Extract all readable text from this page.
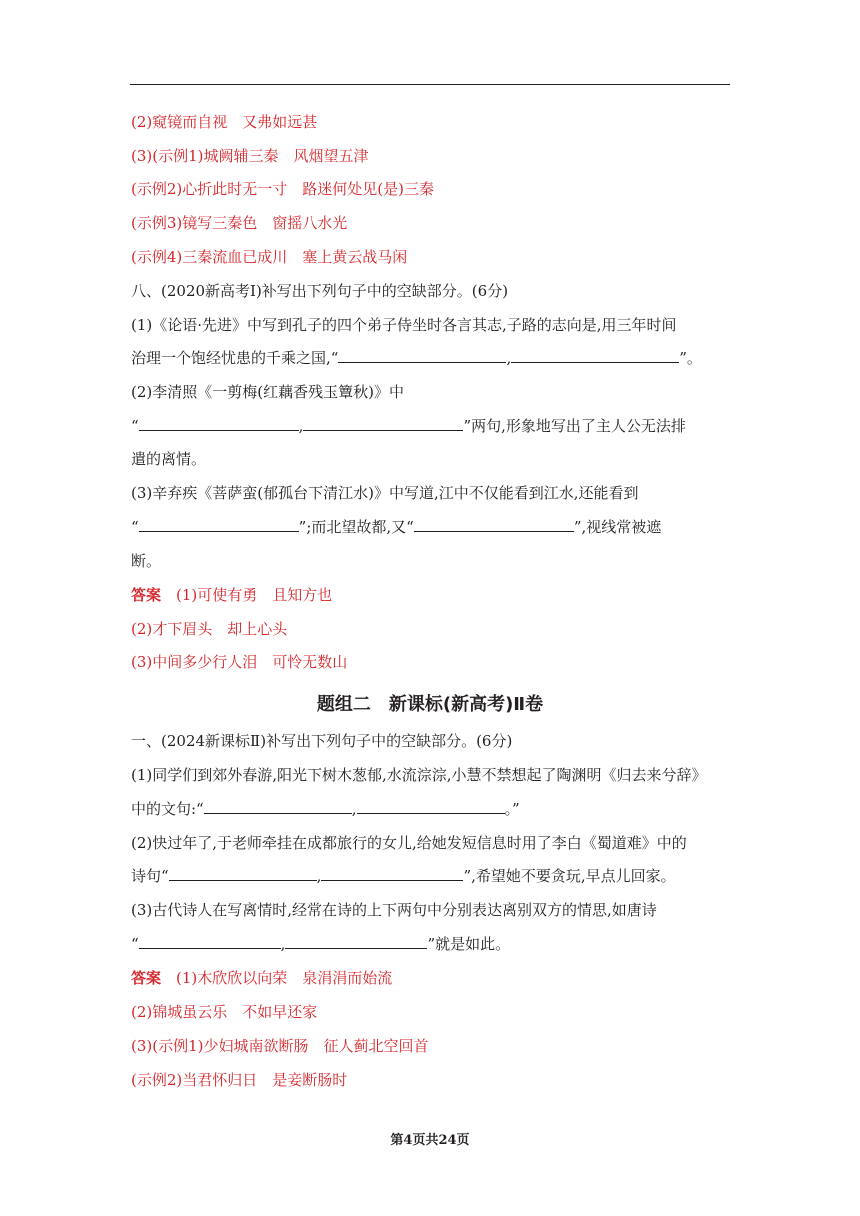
(2)窥镜而自视　又弗如远甚
(3)(示例1)城阙辅三秦　风烟望五津
(示例2)心折此时无一寸　路迷何处见(是)三秦
(示例3)镜写三秦色　窗摇八水光
(示例4)三秦流血已成川　塞上黄云战马闲
八、(2020新高考Ⅰ)补写出下列句子中的空缺部分。(6分)
(1)《论语·先进》中写到孔子的四个弟子侍坐时各言其志,子路的志向是,用三年时间
治理一个饱经忧患的千乘之国,“	,	”。
(2)李清照《一剪梅(红藕香残玉簟秋)》中
“	,	”两句,形象地写出了主人公无法排
遣的离情。
(3)辛弃疾《菩萨蛮(郁孤台下清江水)》中写道,江中不仅能看到江水,还能看到
“	”;而北望故都,又“	”,视线常被遮
断。
答案　 (1)可使有勇　且知方也
(2)才下眉头　却上心头
(3)中间多少行人泪　可怜无数山
题组二　新课标(新高考)Ⅱ卷
一、(2024新课标Ⅱ)补写出下列句子中的空缺部分。(6分)
(1)同学们到郊外春游,阳光下树木葱郁,水流淙淙,小慧不禁想起了陶渊明《归去来兮辞》
中的文句:“	,	。”
(2)快过年了,于老师牵挂在成都旅行的女儿,给她发短信息时用了李白《蜀道难》中的
诗句“	,	”,希望她不要贪玩,早点儿回家。
(3)古代诗人在写离情时,经常在诗的上下两句中分别表达离别双方的情思,如唐诗
“	,	”就是如此。
答案　 (1)木欣欣以向荣　泉涓涓而始流
(2)锦城虽云乐　不如早还家
(3)(示例1)少妇城南欲断肠　征人蓟北空回首
(示例2)当君怀归日　是妾断肠时
第4页共24页
